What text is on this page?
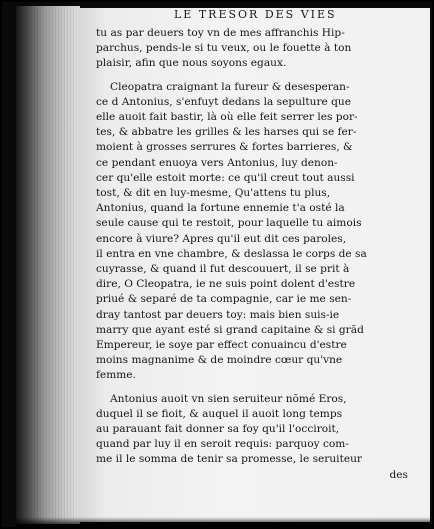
LE TRESOR DES VIES
tu as par deuers toy vn de mes affranchis Hip-
parchus, pends-le si tu veux, ou le fouette à ton
plaisir, afin que nous soyons egaux.
Cleopatra craignant la fureur & desesperan-
ce d Antonius, s'enfuyt dedans la sepulture que
elle auoit fait bastir, là où elle feit serrer les por-
tes, & abbatre les grilles & les harses qui se fer-
moient à grosses serrures & fortes barrieres, &
ce pendant enuoya vers Antonius, luy denon-
cer qu'elle estoit morte: ce qu'il creut tout aussi
tost, & dit en luy-mesme, Qu'attens tu plus,
Antonius, quand la fortune ennemie t'a osté la
seule cause qui te restoit, pour laquelle tu aimois
encore à viure? Apres qu'il eut dit ces paroles,
il entra en vne chambre, & deslassa le corps de sa
cuyrasse, & quand il fut descouuert, il se prit à
dire, O Cleopatra, ie ne suis point dolent d'estre
priué & separé de ta compagnie, car ie me sen-
dray tantost par deuers toy: mais bien suis-ie
marry que ayant esté si grand capitaine & si grãd
Empereur, ie soye par effect conuaincu d'estre
moins magnanime & de moindre cœur qu'vne
femme.
Antonius auoit vn sien seruiteur nõmé Eros,
duquel il se fioit, & auquel il auoit long temps
au parauant fait donner sa foy qu'il l'occiroit,
quand par luy il en seroit requis: parquoy com-
me il le somma de tenir sa promesse, le seruiteur
des
